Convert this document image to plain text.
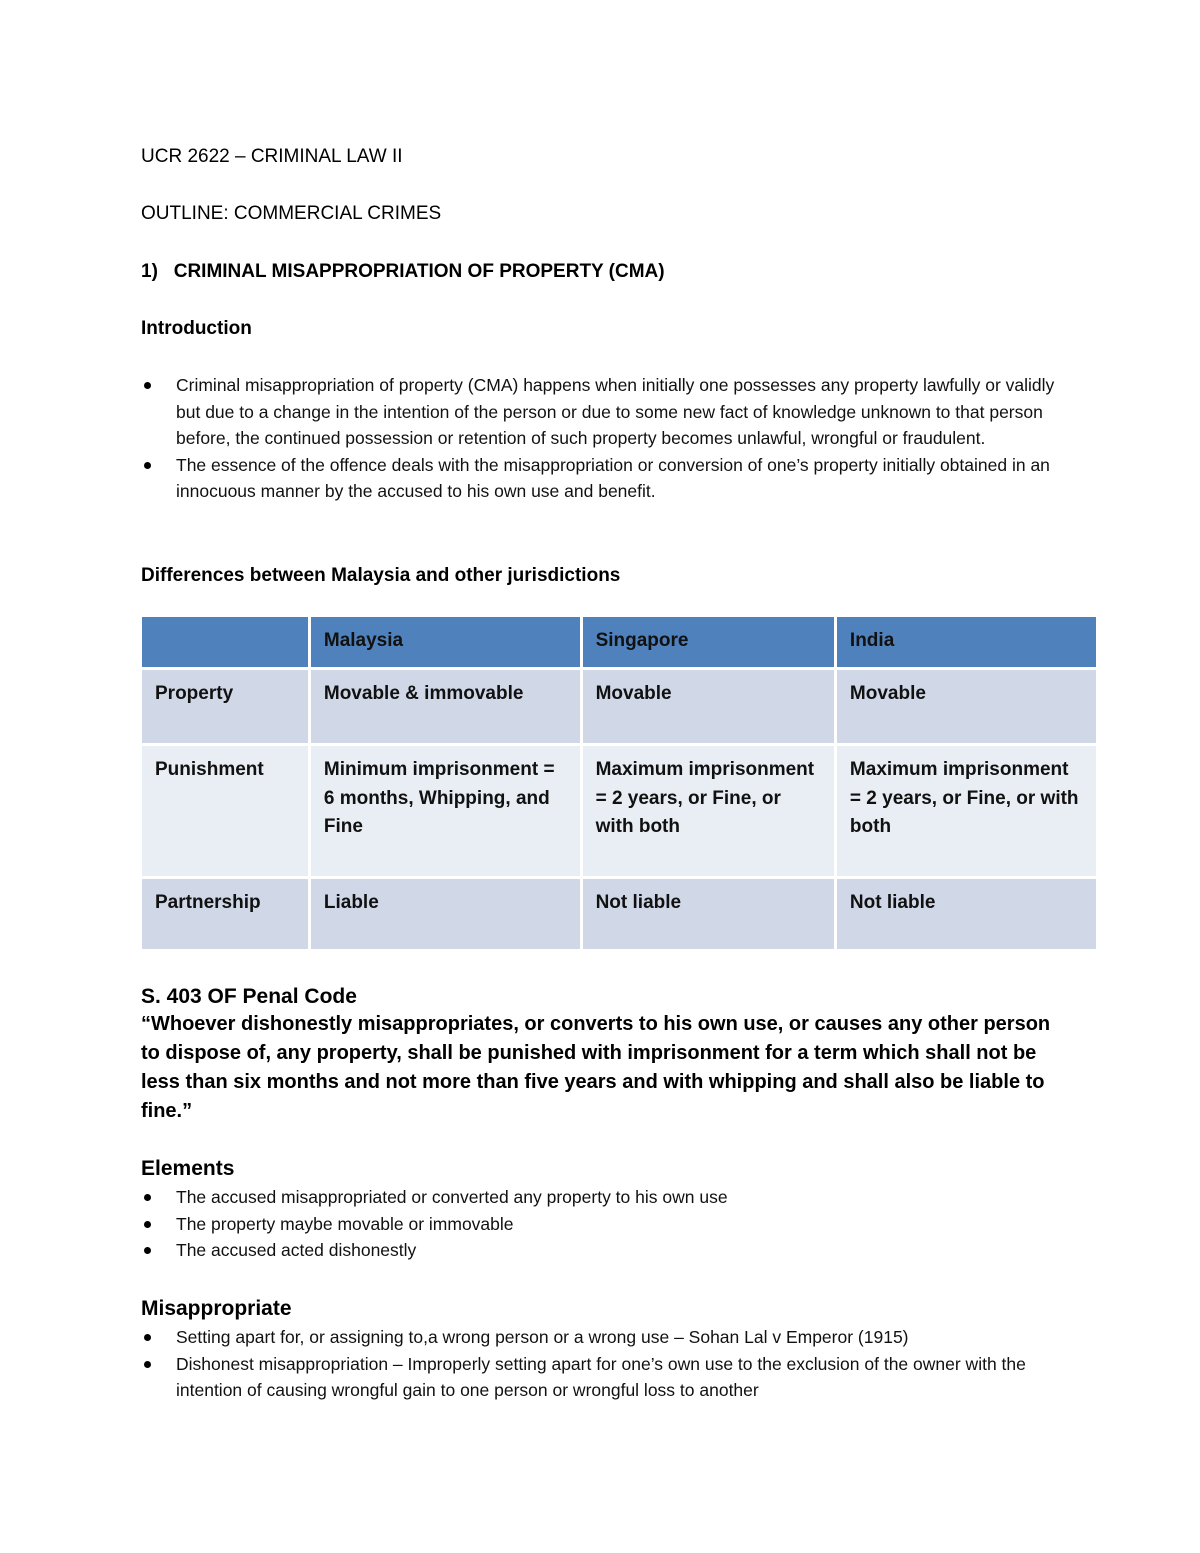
UCR 2622 – CRIMINAL LAW II
OUTLINE: COMMERCIAL CRIMES
1)   CRIMINAL MISAPPROPRIATION OF PROPERTY (CMA)
Introduction
Criminal misappropriation of property (CMA) happens when initially one possesses any property lawfully or validly but due to a change in the intention of the person or due to some new fact of knowledge unknown to that person before, the continued possession or retention of such property becomes unlawful, wrongful or fraudulent.
The essence of the offence deals with the misappropriation or conversion of one’s property initially obtained in an innocuous manner by the accused to his own use and benefit.
Differences between Malaysia and other jurisdictions
	Malaysia	Singapore	India
Property	Movable & immovable	Movable	Movable
Punishment	Minimum imprisonment = 6 months, Whipping, and Fine	Maximum imprisonment = 2 years, or Fine, or with both	Maximum imprisonment = 2 years, or Fine, or with both
Partnership	Liable	Not liable	Not liable
S. 403 OF Penal Code
“Whoever dishonestly misappropriates, or converts to his own use, or causes any other person to dispose of, any property, shall be punished with imprisonment for a term which shall not be less than six months and not more than five years and with whipping and shall also be liable to fine.”
Elements
The accused misappropriated or converted any property to his own use
The property maybe movable or immovable
The accused acted dishonestly
Misappropriate
Setting apart for, or assigning to,a wrong person or a wrong use – Sohan Lal v Emperor (1915)
Dishonest misappropriation – Improperly setting apart for one’s own use to the exclusion of the owner with the intention of causing wrongful gain to one person or wrongful loss to another
